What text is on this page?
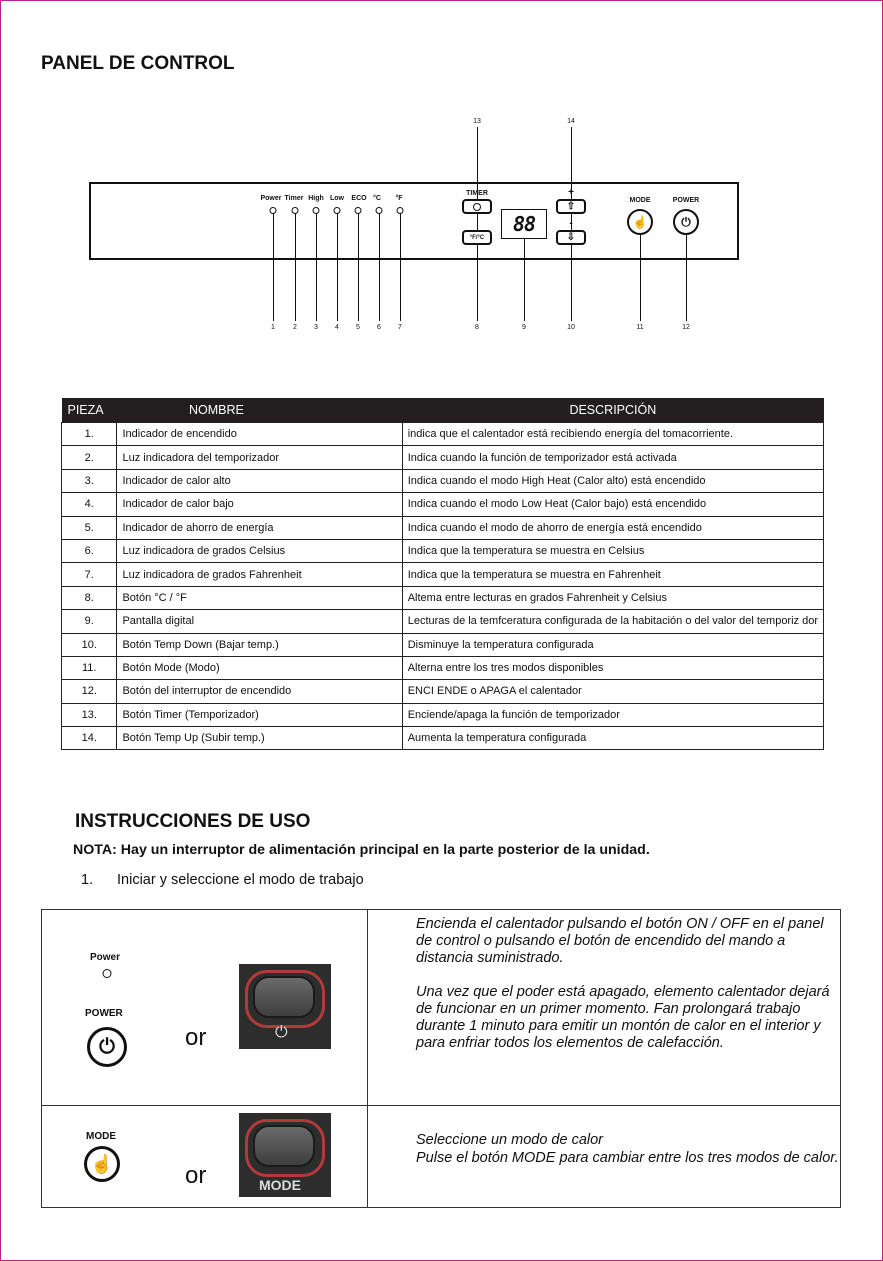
PANEL DE CONTROL
Power Timer High Low ECO °C °F
1	2 3 4 5 6 7
13
TIMER
°F/°C
8
88
9
14
+
⇧
-
⇩
10
MODE
☝
11
POWER
⏻
12
PIEZA	NOMBRE	DESCRIPCIÓN
1.	Indicador de encendido	indica que el calentador está recibiendo energía del tomacorriente.
2.	Luz indicadora del temporizador	Indica cuando la función de temporizador está activada
3.	Indicador de calor alto	Indica cuando el modo High Heat (Calor alto) está encendido
4.	Indicador de calor bajo	Indica cuando el modo Low Heat (Calor bajo) está encendido
5.	Indicador de ahorro de energía	Indica cuando el modo de ahorro de energía está encendido
6.	Luz indicadora de grados Celsius	Indica que la temperatura se muestra en Celsius
7.	Luz indicadora de grados Fahrenheit	Indica que la temperatura se muestra en Fahrenheit
8.	Botón °C / °F	Altema entre lecturas en grados Fahrenheit y Celsius
9.	Pantalla digital	Lecturas de la temfceratura configurada de la habitación o del valor del temporiz dor
10.	Botón Temp Down (Bajar temp.)	Disminuye la temperatura configurada
11.	Botón Mode (Modo)	Alterna entre los tres modos disponibles
12.	Botón del interruptor de encendido	ENCI ENDE o APAGA el calentador
13.	Botón Timer (Temporizador)	Enciende/apaga la función de temporizador
14.	Botón Temp Up (Subir temp.)	Aumenta la temperatura configurada
INSTRUCCIONES DE USO
NOTA: Hay un interruptor de alimentación principal en la parte posterior de la unidad.
1. Iniciar y seleccione el modo de trabajo
Power
POWER
⏻	or	⏻
Encienda el calentador pulsando el botón ON / OFF en el panel de control o pulsando el botón de encendido del mando a distancia suministrado.
Una vez que el poder está apagado, elemento calentador dejará de funcionar en un primer momento. Fan prolongará trabajo durante 1 minuto para emitir un montón de calor en el interior y para enfriar todos los elementos de calefacción.
MODE
☝	or	MODE
Seleccione un modo de calor
Pulse el botón MODE para cambiar entre los tres modos de calor.
